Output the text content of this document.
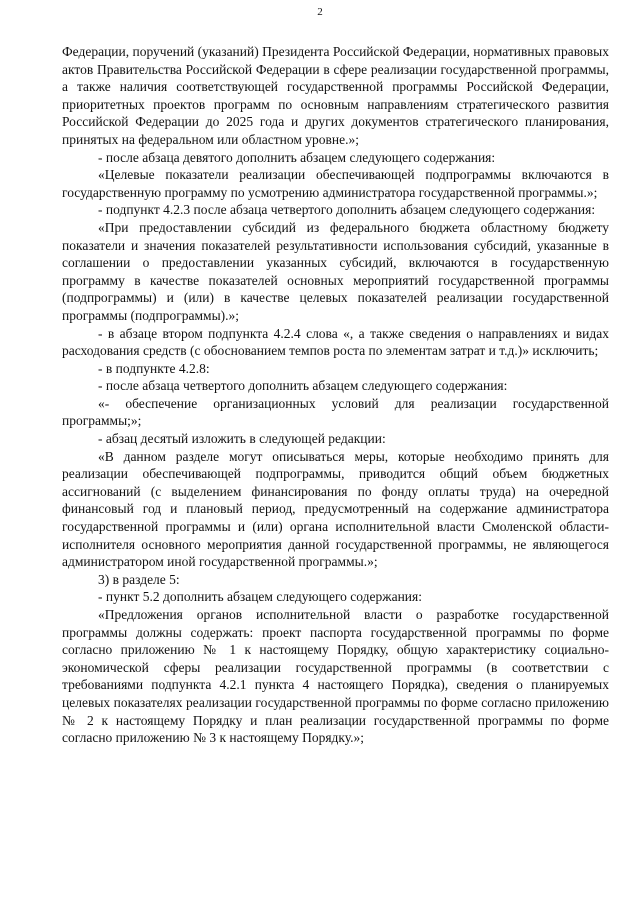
2

Федерации, поручений (указаний) Президента Российской Федерации, нормативных правовых актов Правительства Российской Федерации в сфере реализации государственной программы, а также наличия соответствующей государственной программы Российской Федерации, приоритетных проектов программ по основным направлениям стратегического развития Российской Федерации до 2025 года и других документов стратегического планирования, принятых на федеральном или областном уровне.»;

- после абзаца девятого дополнить абзацем следующего содержания:

«Целевые показатели реализации обеспечивающей подпрограммы включаются в государственную программу по усмотрению администратора государственной программы.»;

- подпункт 4.2.3 после абзаца четвертого дополнить абзацем следующего содержания:

«При предоставлении субсидий из федерального бюджета областному бюджету показатели и значения показателей результативности использования субсидий, указанные в соглашении о предоставлении указанных субсидий, включаются в государственную программу в качестве показателей основных мероприятий государственной программы (подпрограммы) и (или) в качестве целевых показателей реализации государственной программы (подпрограммы).»;

- в абзаце втором подпункта 4.2.4 слова «, а также сведения о направлениях и видах расходования средств (с обоснованием темпов роста по элементам затрат и т.д.)» исключить;

- в подпункте 4.2.8:

- после абзаца четвертого дополнить абзацем следующего содержания:

«- обеспечение организационных условий для реализации государственной программы;»;

- абзац десятый изложить в следующей редакции:

«В данном разделе могут описываться меры, которые необходимо принять для реализации обеспечивающей подпрограммы, приводится общий объем бюджетных ассигнований (с выделением финансирования по фонду оплаты труда) на очередной финансовый год и плановый период, предусмотренный на содержание администратора государственной программы и (или) органа исполнительной власти Смоленской области-исполнителя основного мероприятия данной государственной программы, не являющегося администратором иной государственной программы.»;

3) в разделе 5:

- пункт 5.2 дополнить абзацем следующего содержания:

«Предложения органов исполнительной власти о разработке государственной программы должны содержать: проект паспорта государственной программы по форме согласно приложению № 1 к настоящему Порядку, общую характеристику социально-экономической сферы реализации государственной программы (в соответствии с требованиями подпункта 4.2.1 пункта 4 настоящего Порядка), сведения о планируемых целевых показателях реализации государственной программы по форме согласно приложению № 2 к настоящему Порядку и план реализации государственной программы по форме согласно приложению № 3 к настоящему Порядку.»;
